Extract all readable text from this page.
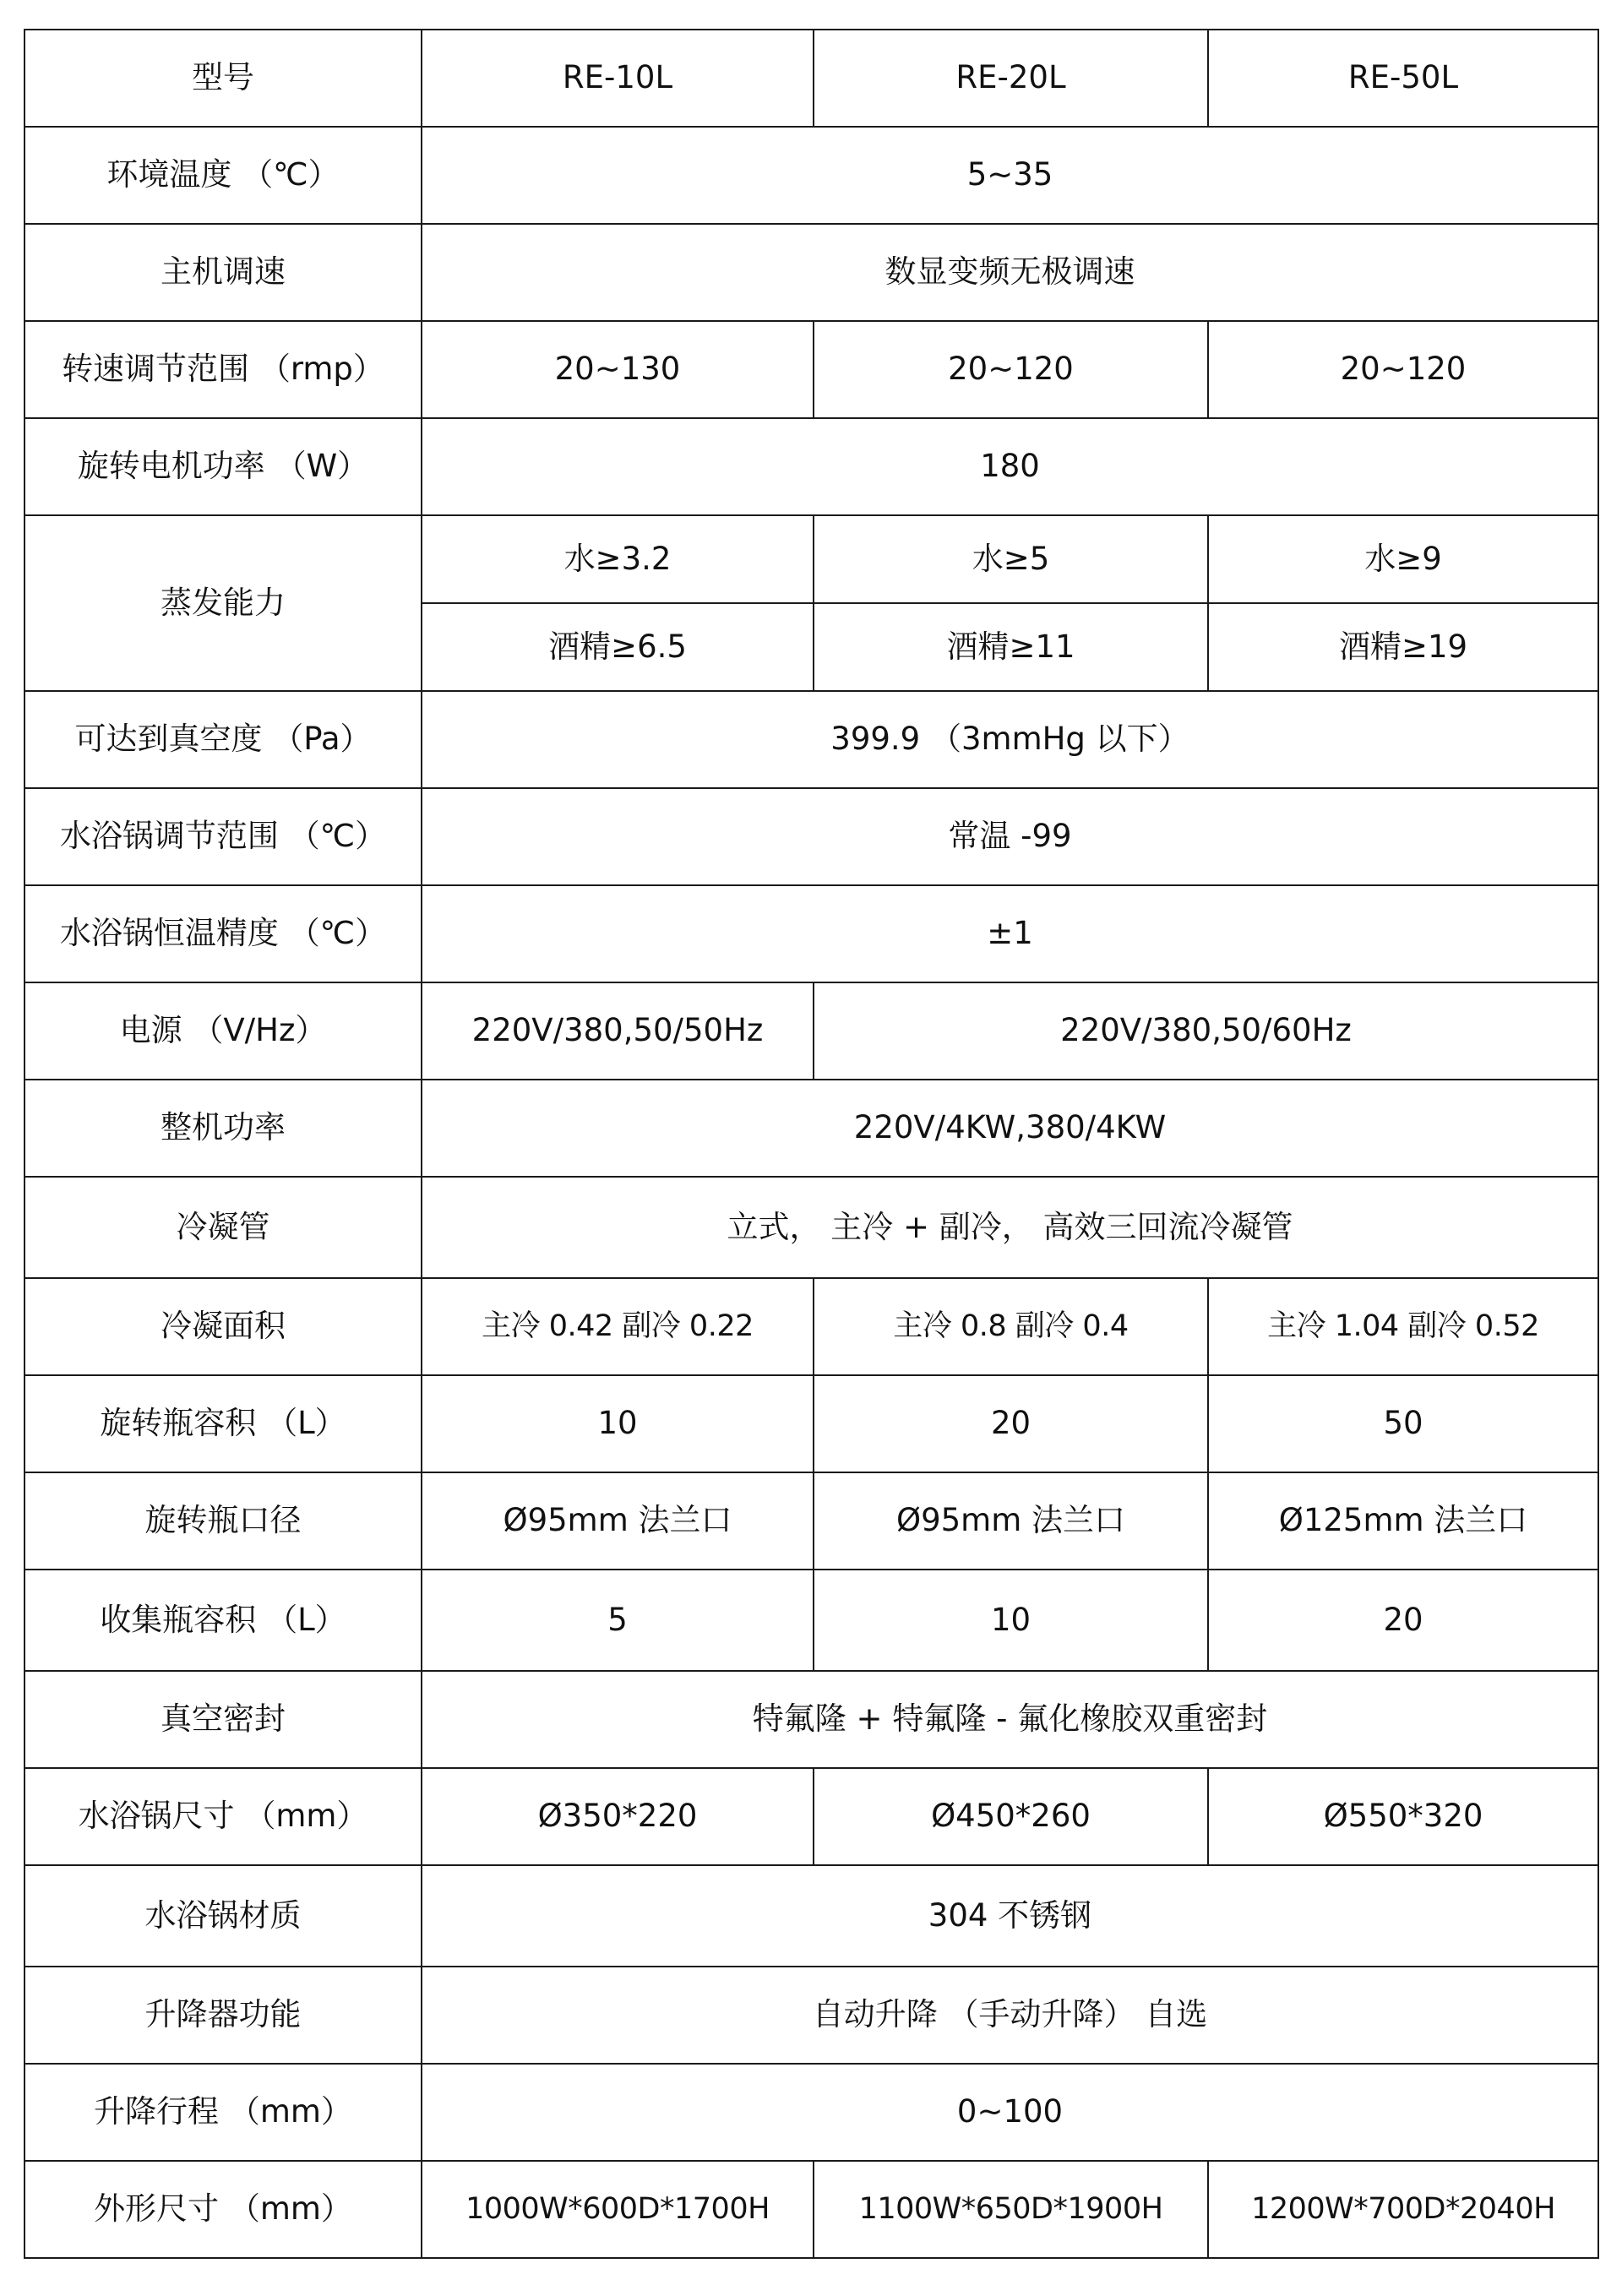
型号	RE-10L	RE-20L	RE-50L
环境温度 （℃）	5~35		
主机调速	数显变频无极调速		
转速调节范围 （rmp）	20~130	20~120	20~120
旋转电机功率 （W）	180		
蒸发能力	水≥3.2	水≥5	水≥9
	酒精≥6.5	酒精≥11	酒精≥19
可达到真空度 （Pa）	399.9 （3mmHg 以下）		
水浴锅调节范围 （℃）	常温 -99		
水浴锅恒温精度 （℃）	±1		
电源 （V/Hz）	220V/380,50/50Hz	220V/380,50/60Hz	
整机功率	220V/4KW,380/4KW		
冷凝管	立式， 主冷 + 副冷， 高效三回流冷凝管		
冷凝面积	主冷 0.42 副冷 0.22	主冷 0.8 副冷 0.4	主冷 1.04 副冷 0.52
旋转瓶容积 （L）	10	20	50
旋转瓶口径	Ø95mm 法兰口	Ø95mm 法兰口	Ø125mm 法兰口
收集瓶容积 （L）	5	10	20
真空密封	特氟隆 + 特氟隆 - 氟化橡胶双重密封		
水浴锅尺寸 （mm）	Ø350*220	Ø450*260	Ø550*320
水浴锅材质	304 不锈钢		
升降器功能	自动升降 （手动升降） 自选		
升降行程 （mm）	0~100		
外形尺寸 （mm）	1000W*600D*1700H	1100W*650D*1900H	1200W*700D*2040H
